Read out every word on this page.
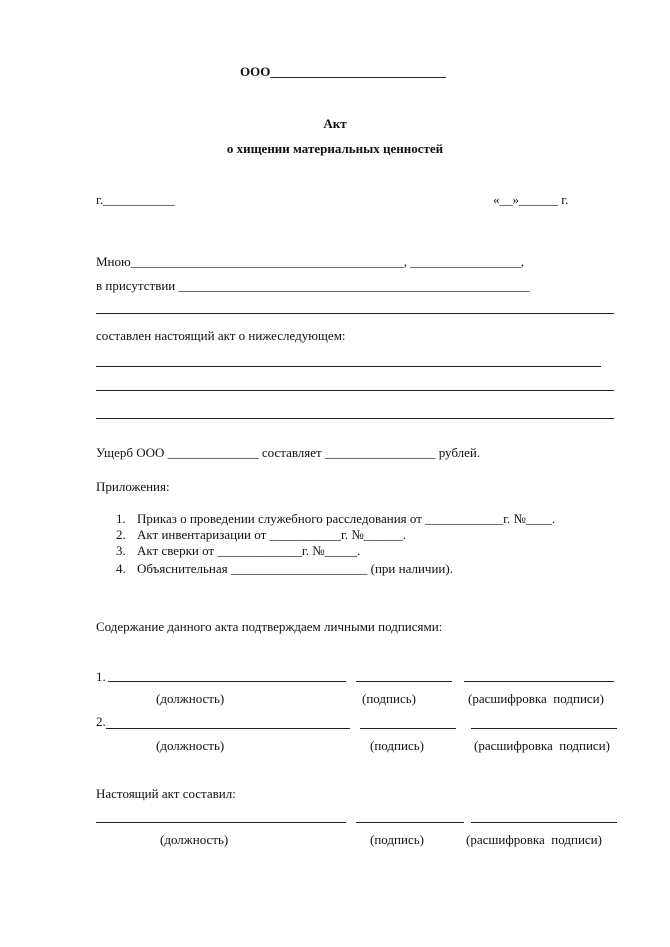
ООО___________________________
Акт
о хищении материальных ценностей
г.___________	«__»______ г.
Мною__________________________________________, _________________,
в присутствии ______________________________________________________
составлен настоящий акт о нижеследующем:
Ущерб ООО ______________ составляет _________________ рублей.
Приложения:
1. Приказ о проведении служебного расследования от ____________г. №____.
2. Акт инвентаризации от ___________г. №______.
3. Акт сверки от _____________г. №_____.
4. Объяснительная _____________________ (при наличии).
Содержание данного акта подтверждаем личными подписями:
1.
(должность)	(подпись)	(расшифровка  подписи)
2.
(должность)	(подпись)	(расшифровка  подписи)
Настоящий акт составил:
(должность)	(подпись)	(расшифровка  подписи)
